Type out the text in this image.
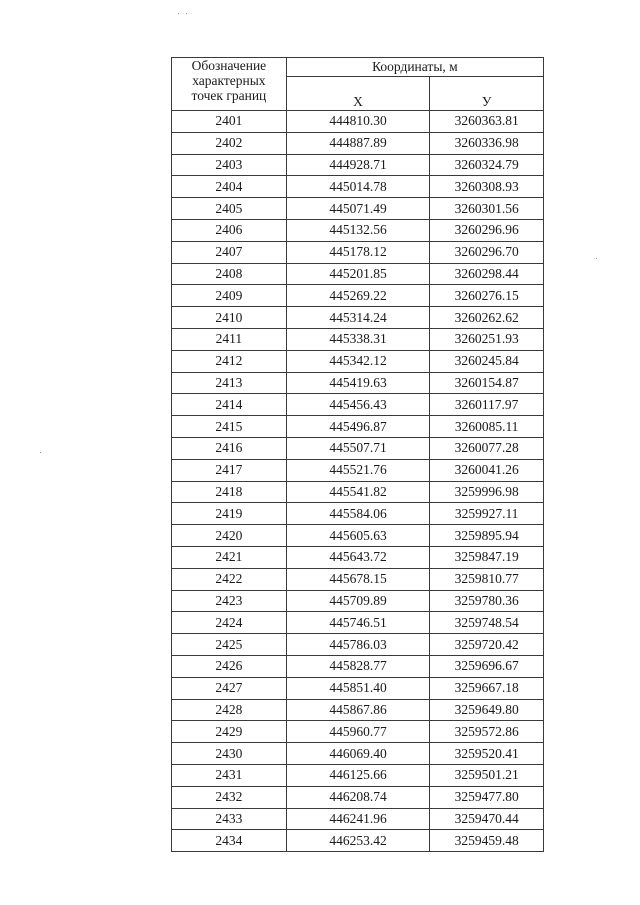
Обозначение
характерных
точек границ	Координаты, м	
	X	У
2401	444810.30	3260363.81
2402	444887.89	3260336.98
2403	444928.71	3260324.79
2404	445014.78	3260308.93
2405	445071.49	3260301.56
2406	445132.56	3260296.96
2407	445178.12	3260296.70
2408	445201.85	3260298.44
2409	445269.22	3260276.15
2410	445314.24	3260262.62
2411	445338.31	3260251.93
2412	445342.12	3260245.84
2413	445419.63	3260154.87
2414	445456.43	3260117.97
2415	445496.87	3260085.11
2416	445507.71	3260077.28
2417	445521.76	3260041.26
2418	445541.82	3259996.98
2419	445584.06	3259927.11
2420	445605.63	3259895.94
2421	445643.72	3259847.19
2422	445678.15	3259810.77
2423	445709.89	3259780.36
2424	445746.51	3259748.54
2425	445786.03	3259720.42
2426	445828.77	3259696.67
2427	445851.40	3259667.18
2428	445867.86	3259649.80
2429	445960.77	3259572.86
2430	446069.40	3259520.41
2431	446125.66	3259501.21
2432	446208.74	3259477.80
2433	446241.96	3259470.44
2434	446253.42	3259459.48
